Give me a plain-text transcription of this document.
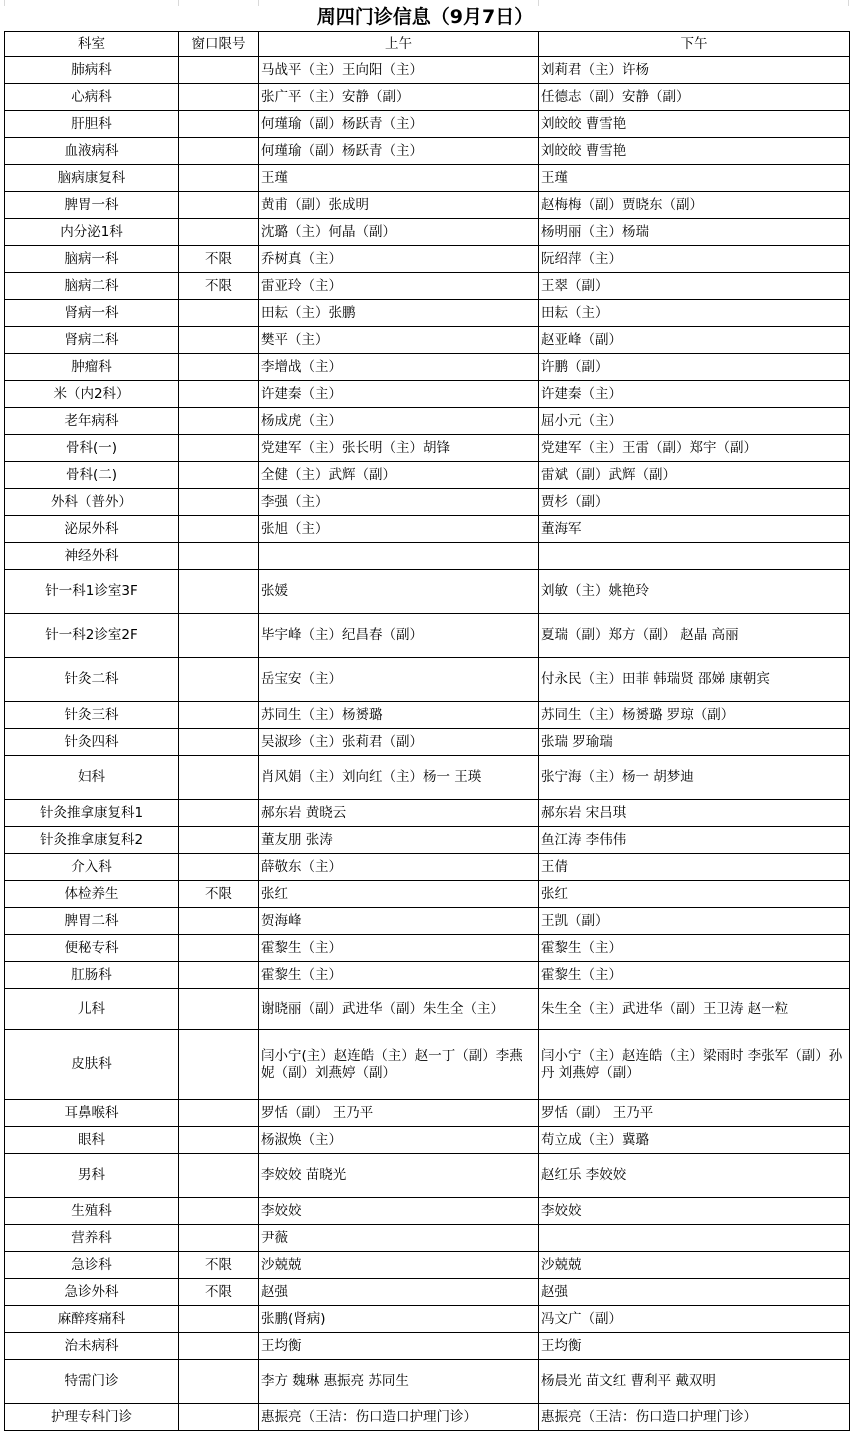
周四门诊信息（9月7日）
科室	窗口限号	上午	下午
肺病科		马战平（主）王向阳（主）	刘莉君（主）许杨
心病科		张广平（主）安静（副）	任德志（副）安静（副）
肝胆科		何瑾瑜（副）杨跃青（主）	刘皎皎 曹雪艳
血液病科		何瑾瑜（副）杨跃青（主）	刘皎皎 曹雪艳
脑病康复科		王瑾	王瑾
脾胃一科		黄甫（副）张成明	赵梅梅（副）贾晓东（副）
内分泌1科		沈璐（主）何晶（副）	杨明丽（主）杨瑞
脑病一科	不限	乔树真（主）	阮绍萍（主）
脑病二科	不限	雷亚玲（主）	王翠（副）
肾病一科		田耘（主）张鹏	田耘（主）
肾病二科		樊平（主）	赵亚峰（副）
肿瘤科		李增战（主）	许鹏（副）
米（内2科）		许建秦（主）	许建秦（主）
老年病科		杨成虎（主）	屈小元（主）
骨科(一)		党建军（主）张长明（主）胡锋	党建军（主）王雷（副）郑宇（副）
骨科(二)		全健（主）武辉（副）	雷斌（副）武辉（副）
外科（普外）		李强（主）	贾杉（副）
泌尿外科		张旭（主）	董海军
神经外科			
针一科1诊室3F		张媛	刘敏（主）姚艳玲
针一科2诊室2F		毕宇峰（主）纪昌春（副）	夏瑞（副）郑方（副） 赵晶 高丽
针灸二科		岳宝安（主）	付永民（主）田菲 韩瑞贤 邵娣 康朝宾
针灸三科		苏同生（主）杨赟璐	苏同生（主）杨赟璐 罗琼（副）
针灸四科		吴淑珍（主）张莉君（副）	张瑞 罗瑜瑞
妇科		肖风娟（主）刘向红（主）杨一 王瑛	张宁海（主）杨一 胡梦迪
针灸推拿康复科1		郝东岩 黄晓云	郝东岩 宋吕琪
针灸推拿康复科2		董友朋 张涛	鱼江涛 李伟伟
介入科		薛敬东（主）	王倩
体检养生	不限	张红	张红
脾胃二科		贺海峰	王凯（副）
便秘专科		霍黎生（主）	霍黎生（主）
肛肠科		霍黎生（主）	霍黎生（主）
儿科		谢晓丽（副）武进华（副）朱生全（主）	朱生全（主）武进华（副）王卫涛 赵一粒
皮肤科		闫小宁(主）赵连皓（主）赵一丁（副）李燕妮（副）刘燕婷（副）	闫小宁（主）赵连皓（主）梁雨时 李张军（副）孙丹 刘燕婷（副）
耳鼻喉科		罗恬（副） 王乃平	罗恬（副） 王乃平
眼科		杨淑焕（主）	苟立成（主）冀璐
男科		李姣姣 苗晓光	赵红乐 李姣姣
生殖科		李姣姣	李姣姣
营养科		尹薇	
急诊科	不限	沙兢兢	沙兢兢
急诊外科	不限	赵强	赵强
麻醉疼痛科		张鹏(肾病)	冯文广（副）
治未病科		王均衡	王均衡
特需门诊		李方 魏琳 惠振亮 苏同生	杨晨光 苗文红 曹利平 戴双明
护理专科门诊		惠振亮（王洁：伤口造口护理门诊）	惠振亮（王洁：伤口造口护理门诊）
